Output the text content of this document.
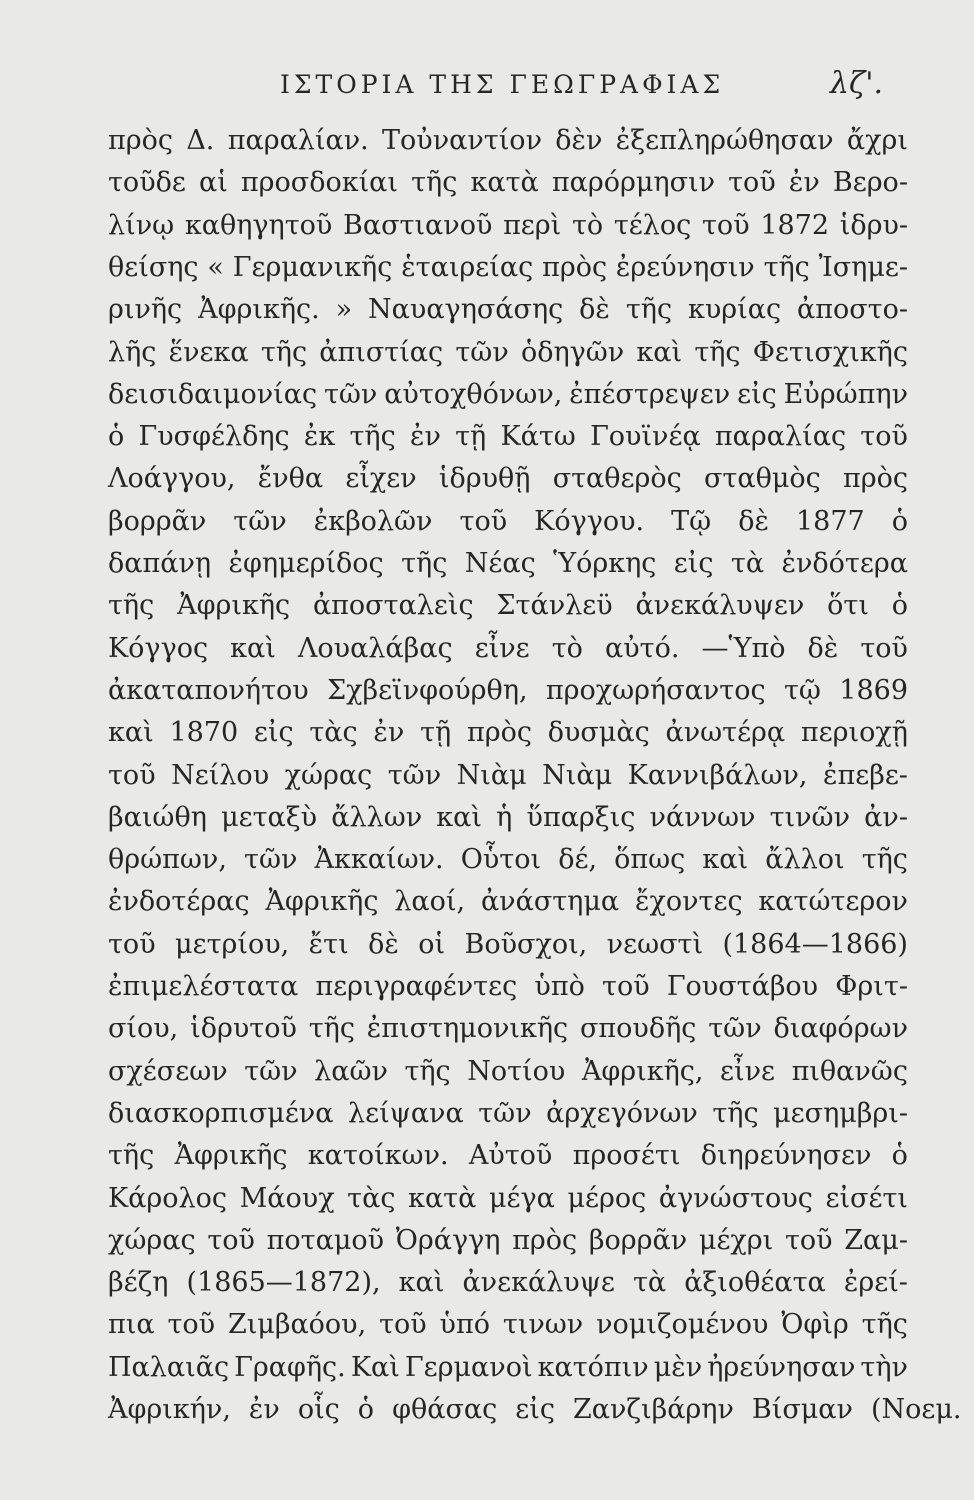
ΙΣΤΟΡΙΑ ΤΗΣ ΓΕΩΓΡΑΦΙΑΣ	λζ'.
πρὸς Δ. παραλίαν. Τοὐναντίον δὲν ἐξεπληρώθησαν ἄχρι
τοῦδε αἱ προσδοκίαι τῆς κατὰ παρόρμησιν τοῦ ἐν Βερο-
λίνῳ καθηγητοῦ Βαστιανοῦ περὶ τὸ τέλος τοῦ 1872 ἱδρυ-
θείσης « Γερμανικῆς ἑταιρείας πρὸς ἐρεύνησιν τῆς Ἰσημε-
ρινῆς Ἀφρικῆς. » Ναυαγησάσης δὲ τῆς κυρίας ἀποστο-
λῆς ἕνεκα τῆς ἀπιστίας τῶν ὁδηγῶν καὶ τῆς Φετισχικῆς
δεισιδαιμονίας τῶν αὐτοχθόνων, ἐπέστρεψεν εἰς Εὐρώπην
ὁ Γυσφέλδης ἐκ τῆς ἐν τῇ Κάτω Γουϊνέᾳ παραλίας τοῦ
Λοάγγου, ἔνθα εἶχεν ἱδρυθῇ σταθερὸς σταθμὸς πρὸς
βορρᾶν τῶν ἐκβολῶν τοῦ Κόγγου. Τῷ δὲ 1877 ὁ
δαπάνῃ ἐφημερίδος τῆς Νέας Ὑόρκης εἰς τὰ ἐνδότερα
τῆς Ἀφρικῆς ἀποσταλεὶς Στάνλεϋ ἀνεκάλυψεν ὅτι ὁ
Κόγγος καὶ Λουαλάβας εἶνε τὸ αὐτό. —Ὑπὸ δὲ τοῦ
ἀκαταπονήτου Σχβεϊνφούρθη, προχωρήσαντος τῷ 1869
καὶ 1870 εἰς τὰς ἐν τῇ πρὸς δυσμὰς ἀνωτέρᾳ περιοχῇ
τοῦ Νείλου χώρας τῶν Νιὰμ Νιὰμ Καννιβάλων, ἐπεβε-
βαιώθη μεταξὺ ἄλλων καὶ ἡ ὕπαρξις νάννων τινῶν ἀν-
θρώπων, τῶν Ἀκκαίων. Οὗτοι δέ, ὅπως καὶ ἄλλοι τῆς
ἐνδοτέρας Ἀφρικῆς λαοί, ἀνάστημα ἔχοντες κατώτερον
τοῦ μετρίου, ἔτι δὲ οἱ Βοῦσχοι, νεωστὶ (1864—1866)
ἐπιμελέστατα περιγραφέντες ὑπὸ τοῦ Γουστάβου Φριτ-
σίου, ἱδρυτοῦ τῆς ἐπιστημονικῆς σπουδῆς τῶν διαφόρων
σχέσεων τῶν λαῶν τῆς Νοτίου Ἀφρικῆς, εἶνε πιθανῶς
διασκορπισμένα λείψανα τῶν ἀρχεγόνων τῆς μεσημβρι-
τῆς Ἀφρικῆς κατοίκων. Αὐτοῦ προσέτι διηρεύνησεν ὁ
Κάρολος Μάουχ τὰς κατὰ μέγα μέρος ἀγνώστους εἰσέτι
χώρας τοῦ ποταμοῦ Ὀράγγη πρὸς βορρᾶν μέχρι τοῦ Ζαμ-
βέζη (1865—1872), καὶ ἀνεκάλυψε τὰ ἀξιοθέατα ἐρεί-
πια τοῦ Ζιμβαόου, τοῦ ὑπό τινων νομιζομένου Ὀφὶρ τῆς
Παλαιᾶς Γραφῆς. Καὶ Γερμανοὶ κατόπιν μὲν ἠρεύνησαν τὴν
Ἀφρικήν, ἐν οἷς ὁ φθάσας εἰς Ζανζιβάρην Βίσμαν (Νοεμ.
